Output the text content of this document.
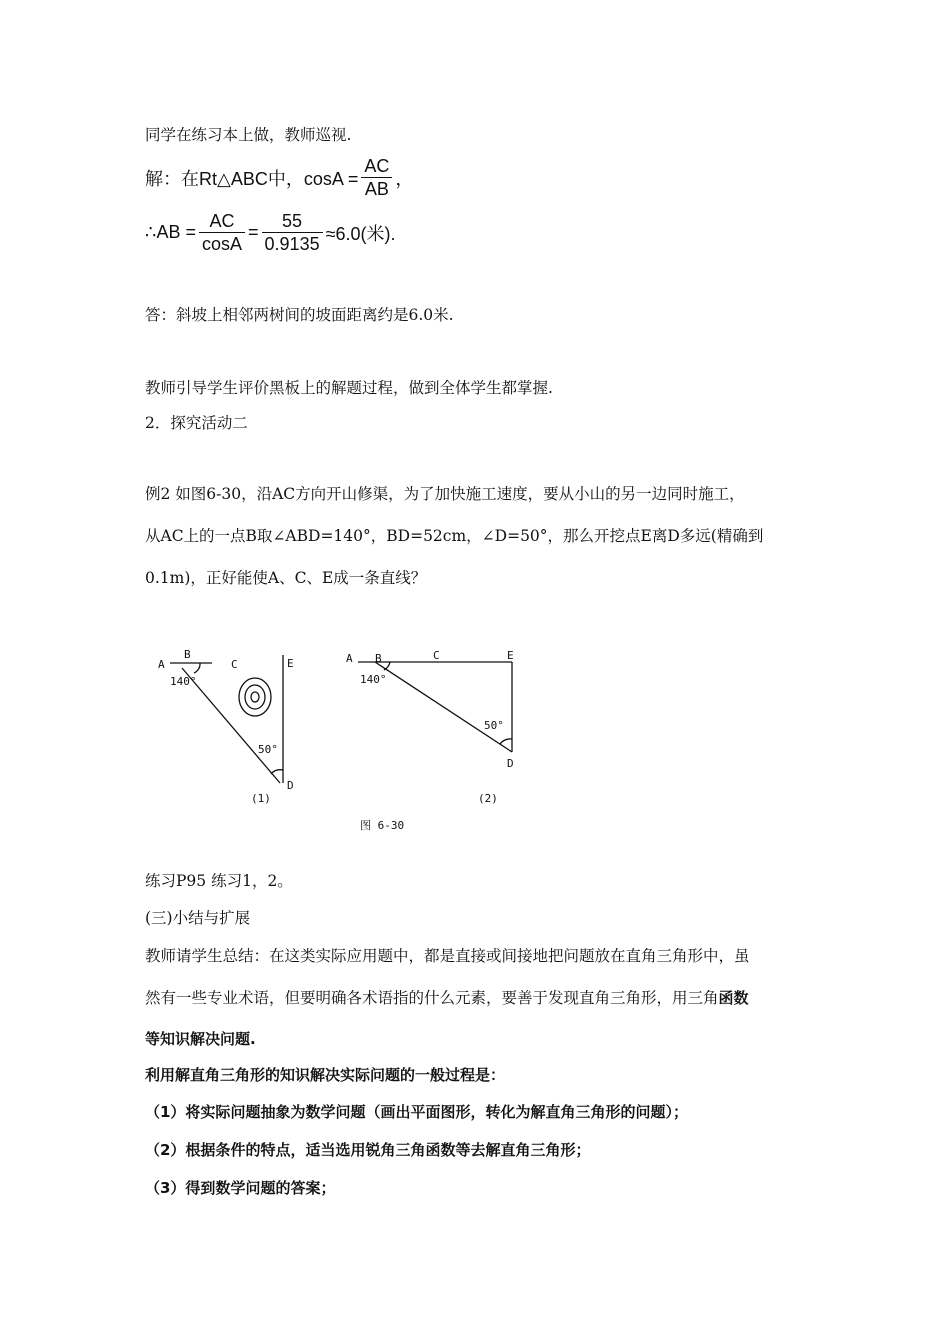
同学在练习本上做，教师巡视.
解：在Rt△ABC中，$\cos A = \frac{AC}{AB}$ ，
∴AB = $\frac{AC}{\cos A} = \frac{55}{0.9135} \approx 6.0$(米).
答：斜坡上相邻两树间的坡面距离约是6.0米.
教师引导学生评价黑板上的解题过程，做到全体学生都掌握.
2．探究活动二
例2 如图6-30，沿AC方向开山修渠，为了加快施工速度，要从小山的另一边同时施工，
从AC上的一点B取∠ABD=140°，BD=52cm，∠D=50°，那么开挖点E离D多远(精确到
0.1m)，正好能使A、C、E成一条直线？
A
B
C	E
D
140°
50°
(1)
A B	C	E
D
140°
50°
(2)
图 6-30
练习P95 练习1，2。
(三)小结与扩展
教师请学生总结：在这类实际应用题中，都是直接或间接地把问题放在直角三角形中，虽
然有一些专业术语，但要明确各术语指的什么元素，要善于发现直角三角形，用三角函数
等知识解决问题.
利用解直角三角形的知识解决实际问题的一般过程是：
（1）将实际问题抽象为数学问题（画出平面图形，转化为解直角三角形的问题）；
（2）根据条件的特点，适当选用锐角三角函数等去解直角三角形；
（3）得到数学问题的答案；
